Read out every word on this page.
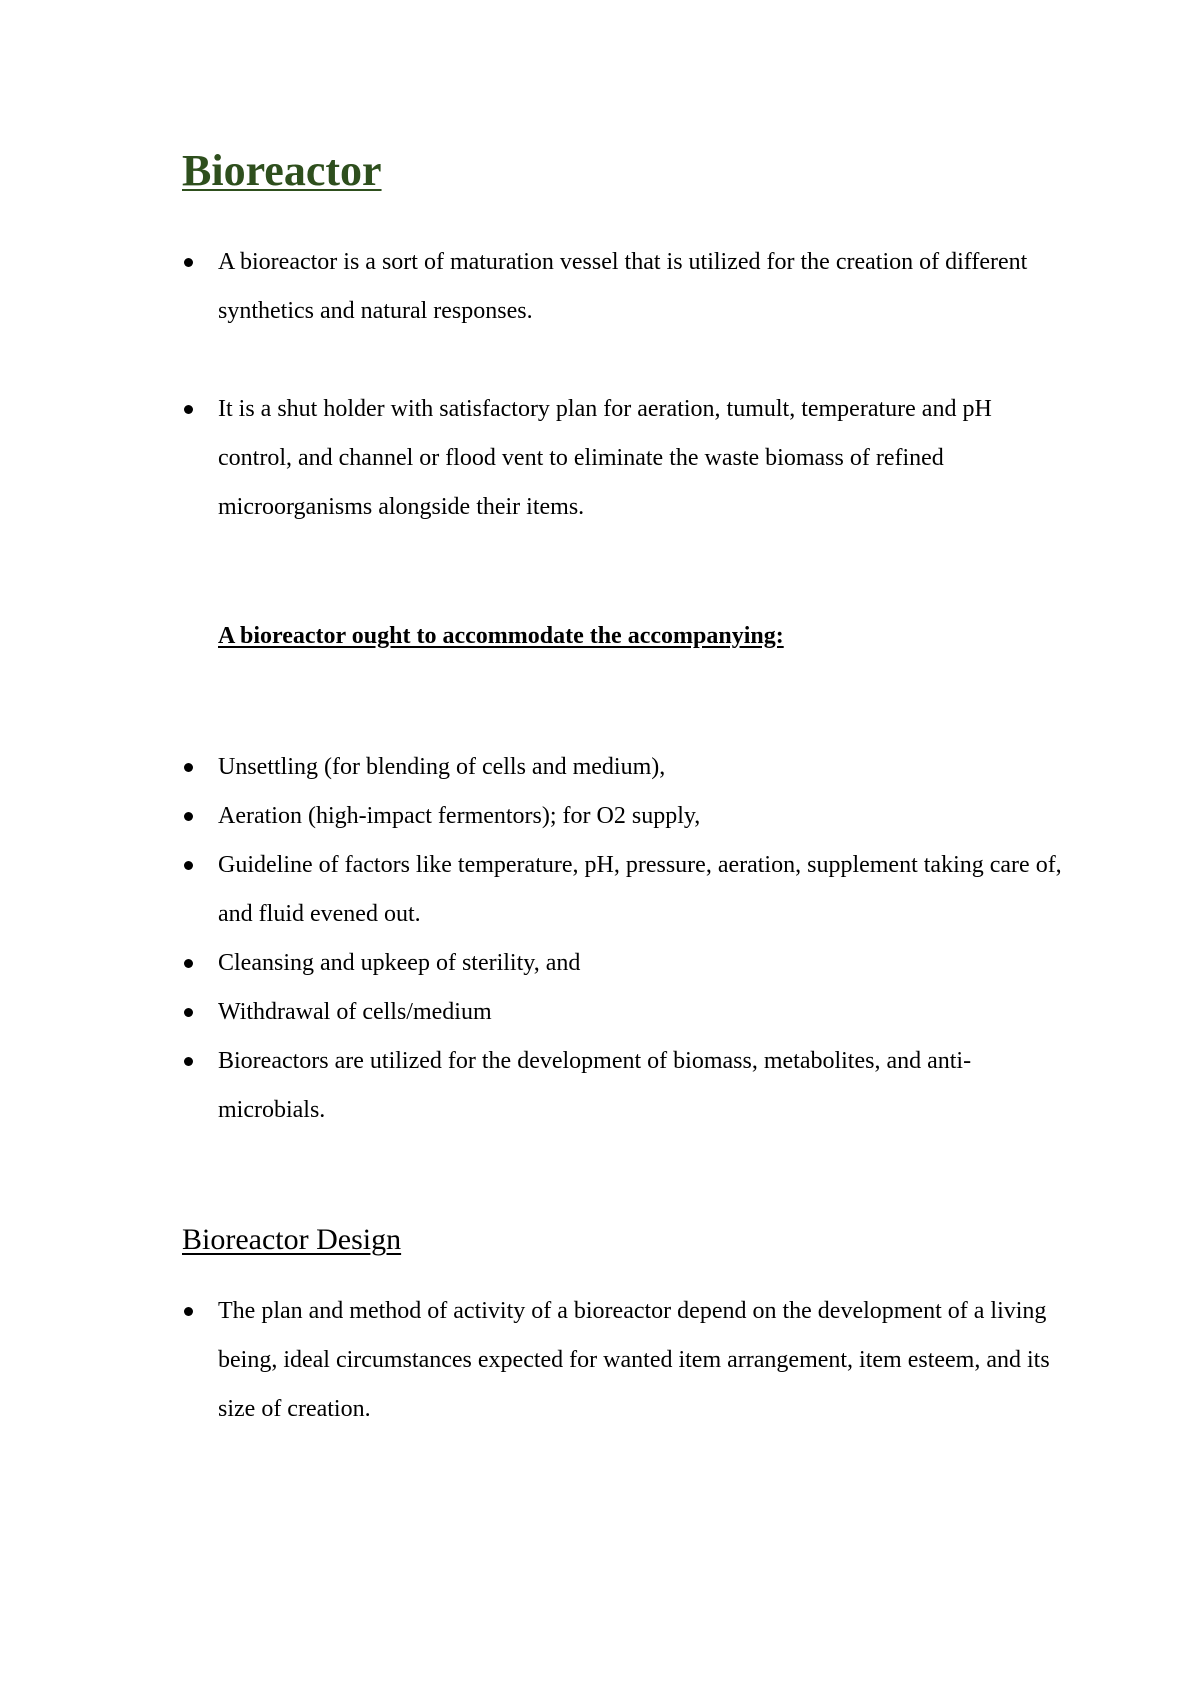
Bioreactor
A bioreactor is a sort of maturation vessel that is utilized for the creation of different synthetics and natural responses.
It is a shut holder with satisfactory plan for aeration, tumult, temperature and pH control, and channel or flood vent to eliminate the waste biomass of refined microorganisms alongside their items.

A bioreactor ought to accommodate the accompanying:

Unsettling (for blending of cells and medium),
Aeration (high-impact fermentors); for O2 supply,
Guideline of factors like temperature, pH, pressure, aeration, supplement taking care of, and fluid evened out.
Cleansing and upkeep of sterility, and
Withdrawal of cells/medium
Bioreactors are utilized for the development of biomass, metabolites, and anti-microbials.
Bioreactor Design
The plan and method of activity of a bioreactor depend on the development of a living being, ideal circumstances expected for wanted item arrangement, item esteem, and its size of creation.
